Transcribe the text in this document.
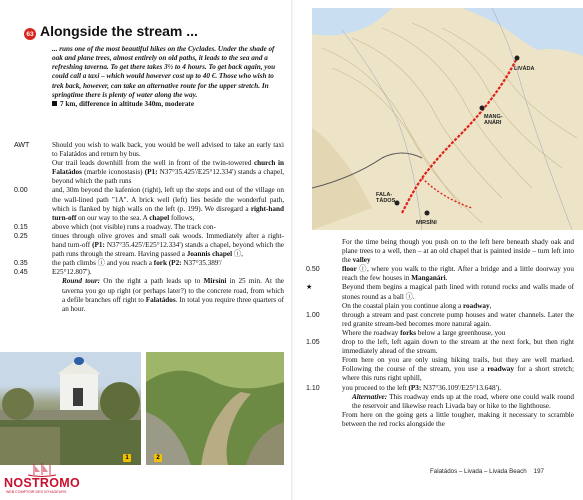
63 Alongside the stream ...
... runs one of the most beautiful hikes on the Cyclades. Under the shade of oak and plane trees, almost entirely on old paths, it leads to the sea and a refreshing taverna. To get there takes 3½ to 4 hours. To get back again, you could call a taxi – which would however cost up to 40 €. Those who wish to trek back, however, can take an alternative route for the upper stretch. In springtime there is plenty of water along the way.
7 km, difference in altitude 340m, moderate
AWT	Should you wish to walk back, you would be well advised to take an early taxi to Falatádos and return by bus.
Our trail leads downhill from the well in front of the twin-towered church in Falatádos (marble iconostasis) (P1: N37°35.425'/E25°12.334') stands a chapel, beyond which the path runs
0.00	and, 30m beyond the kafenion (right), left up the steps and out of the village on the wall-lined path "1A". A brick well (left) lies beside the wonderful path, which is flanked by high walls on the left (p. 199). We disregard a right-hand turn-off on our way to the sea. A chapel follows,
0.15	above which (not visible) runs a roadway. The track con-
0.25	tinues through olive groves and small oak woods. Immediately after a right-hand turn-off (P1: N37°35.425'/E25°12.334') stands a chapel, beyond which the path runs through the stream. Having passed a Joannis chapel ⓘ,
0.35	the path climbs ⓘ and you reach a fork (P2: N37°35.389'/
0.45	E25°12.807').
Round tour: On the right a path leads up to Mirsíni in 25 min. At the taverna you go up right (or perhaps later?) to the concrete road, from which a defile branches off right to Falatádos. In total you require three quarters of an hour.
1	2
NOSTROMO
WEB COMPTOIR DES VOYAGEURS
LIVÁDA
MANG-
ANÁRI
FALA-
TÁDOS
MIRSÍNI
For the time being though you push on to the left here beneath shady oak and plane trees to a well, then – at an old chapel that is painted inside – turn left into the valley
0.50	floor ⓘ, where you walk to the right. After a bridge and a little doorway you reach the few houses in Manganári.
★	Beyond them begins a magical path lined with rotund rocks and walls made of stones round as a ball ⓘ.
On the coastal plain you continue along a roadway,
1.00	through a stream and past concrete pump houses and water channels. Later the red granite stream-bed becomes more natural again.
Where the roadway forks below a large greenhouse, you
1.05	drop to the left, left again down to the stream at the next fork, but then right immediately ahead of the stream.
From here on you are only using hiking trails, but they are well marked. Following the course of the stream, you use a roadway for a short stretch; where this runs right uphill,
1.10	you proceed to the left (P3: N37°36.109'/E25°13.648').
Alternative: This roadway ends up at the road, where one could walk round the reservoir and likewise reach Livada bay or hike to the lighthouse.
From here on the going gets a little tougher, making it necessary to scramble between the red rocks alongside the
Falatádos – Livada – Livada Beach 197
